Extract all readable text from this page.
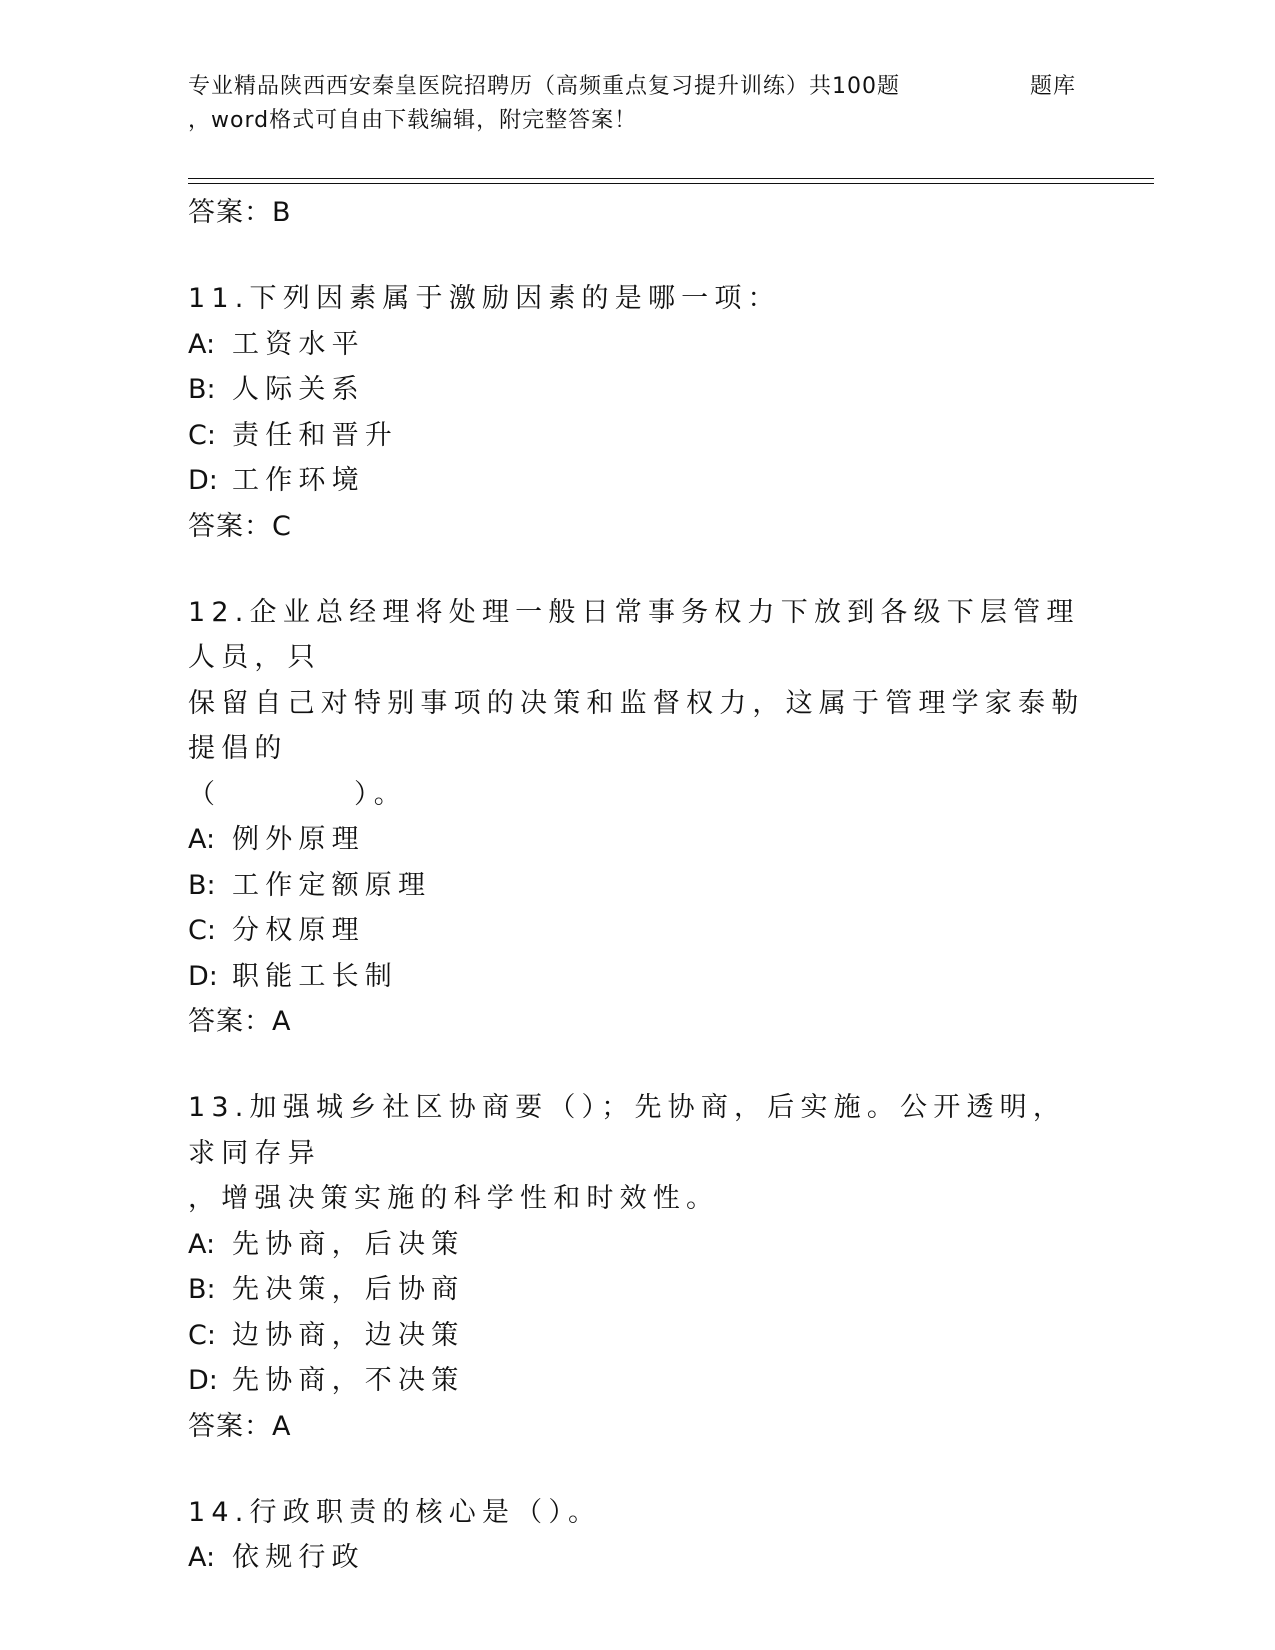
专业精品陕西西安秦皇医院招聘历（高频重点复习提升训练）共100题	题库
，word格式可自由下载编辑，附完整答案！
答案：B
11.下列因素属于激励因素的是哪一项：
A: 工资水平
B: 人际关系
C: 责任和晋升
D: 工作环境
答案：C
12.企业总经理将处理一般日常事务权力下放到各级下层管理人员，只
保留自己对特别事项的决策和监督权力，这属于管理学家泰勒提倡的
（　　　　）。
A: 例外原理
B: 工作定额原理
C: 分权原理
D: 职能工长制
答案：A
13.加强城乡社区协商要（）；先协商，后实施。公开透明，求同存异
，增强决策实施的科学性和时效性。
A: 先协商，后决策
B: 先决策，后协商
C: 边协商，边决策
D: 先协商，不决策
答案：A
14.行政职责的核心是（）。
A: 依规行政
